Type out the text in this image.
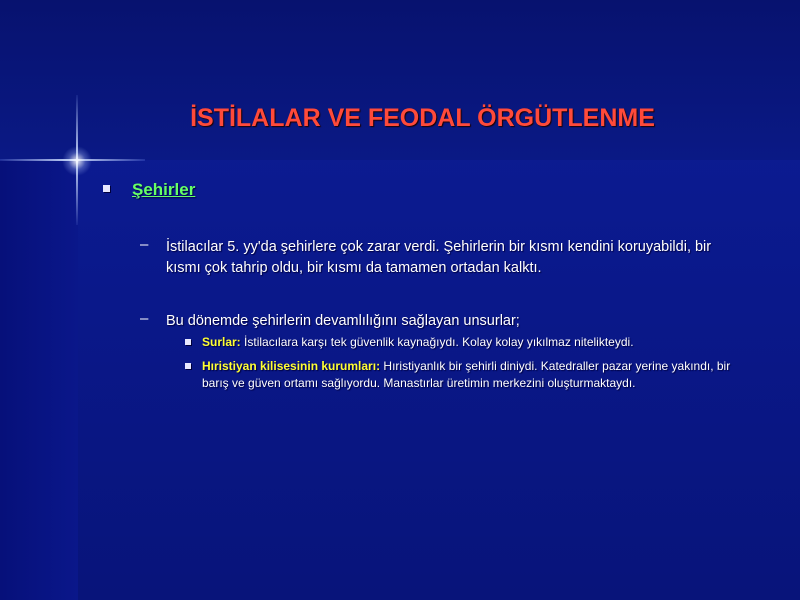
İSTİLALAR VE FEODAL ÖRGÜTLENME
Şehirler
– İstilacılar 5. yy'da şehirlere çok zarar verdi. Şehirlerin bir kısmı kendini koruyabildi, bir kısmı çok tahrip oldu, bir kısmı da tamamen ortadan kalktı.
– Bu dönemde şehirlerin devamlılığını sağlayan unsurlar;
Surlar: İstilacılara karşı tek güvenlik kaynağıydı. Kolay kolay yıkılmaz nitelikteydi.
Hıristiyan kilisesinin kurumları: Hıristiyanlık bir şehirli diniydi. Katedraller pazar yerine yakındı, bir barış ve güven ortamı sağlıyordu. Manastırlar üretimin merkezini oluşturmaktaydı.
